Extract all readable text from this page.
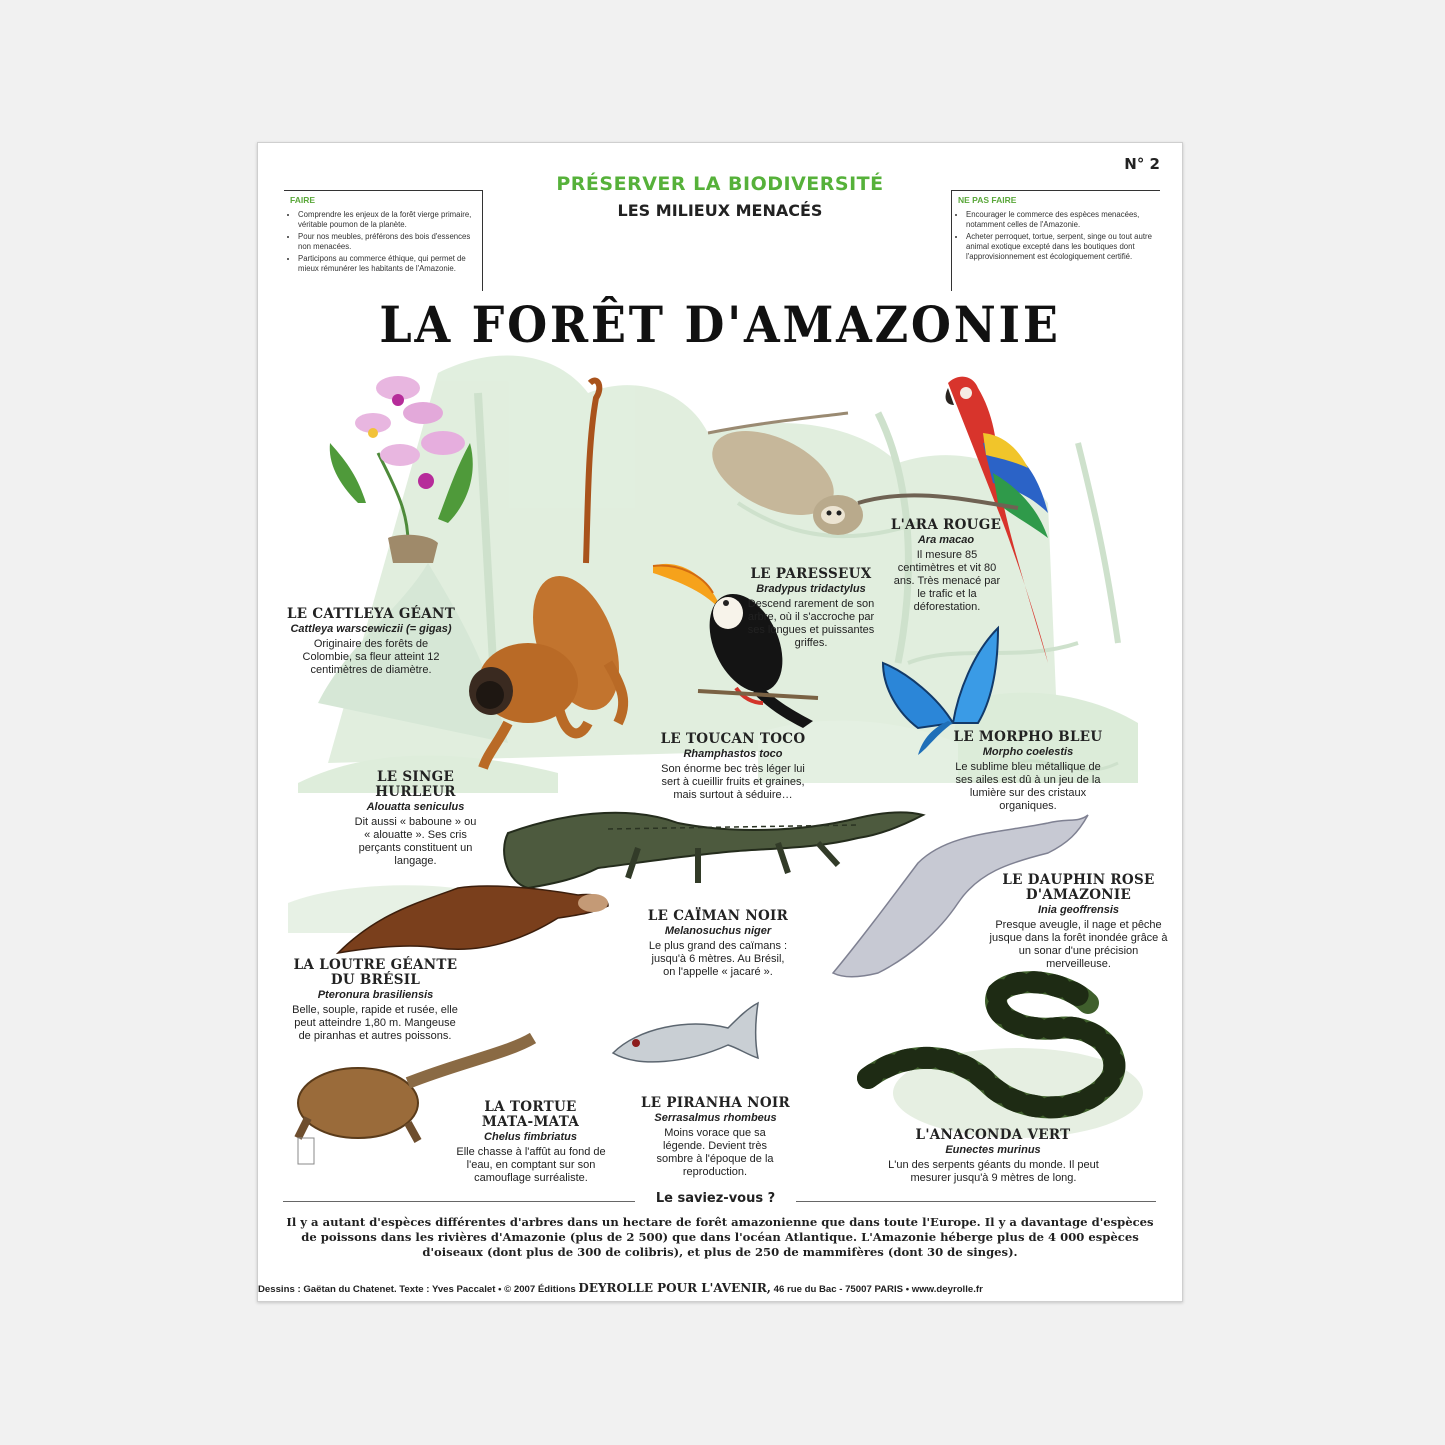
N° 2
PRÉSERVER LA BIODIVERSITÉ
LES MILIEUX MENACÉS
FAIRE
• Comprendre les enjeux de la forêt vierge primaire, véritable poumon de la planète.
• Pour nos meubles, préférons des bois d'essences non menacées.
• Participons au commerce éthique, qui permet de mieux rémunérer les habitants de l'Amazonie.
NE PAS FAIRE
• Encourager le commerce des espèces menacées, notamment celles de l'Amazonie.
• Acheter perroquet, tortue, serpent, singe ou tout autre animal exotique excepté dans les boutiques dont l'approvisionnement est écologiquement certifié.
LA FORÊT D'AMAZONIE
LE CATTLEYA GÉANT
Cattleya warscewiczii (= gigas)
Originaire des forêts de Colombie, sa fleur atteint 12 centimètres de diamètre.
LE PARESSEUX
Bradypus tridactylus
Descend rarement de son arbre, où il s'accroche par ses longues et puissantes griffes.
L'ARA ROUGE
Ara macao
Il mesure 85 centimètres et vit 80 ans. Très menacé par le trafic et la déforestation.
LE TOUCAN TOCO
Rhamphastos toco
Son énorme bec très léger lui sert à cueillir fruits et graines, mais surtout à séduire…
LE MORPHO BLEU
Morpho coelestis
Le sublime bleu métallique de ses ailes est dû à un jeu de la lumière sur des cristaux organiques.
LE SINGE
HURLEUR
Alouatta seniculus
Dit aussi « baboune » ou « alouatte ». Ses cris perçants constituent un langage.
LE CAÏMAN NOIR
Melanosuchus niger
Le plus grand des caïmans : jusqu'à 6 mètres. Au Brésil, on l'appelle « jacaré ».
LE DAUPHIN ROSE
D'AMAZONIE
Inia geoffrensis
Presque aveugle, il nage et pêche jusque dans la forêt inondée grâce à un sonar d'une précision merveilleuse.
LA LOUTRE GÉANTE
DU BRÉSIL
Pteronura brasiliensis
Belle, souple, rapide et rusée, elle peut atteindre 1,80 m. Mangeuse de piranhas et autres poissons.
LA TORTUE
MATA-MATA
Chelus fimbriatus
Elle chasse à l'affût au fond de l'eau, en comptant sur son camouflage surréaliste.
LE PIRANHA NOIR
Serrasalmus rhombeus
Moins vorace que sa légende. Devient très sombre à l'époque de la reproduction.
L'ANACONDA VERT
Eunectes murinus
L'un des serpents géants du monde. Il peut mesurer jusqu'à 9 mètres de long.
Le saviez-vous ?
Il y a autant d'espèces différentes d'arbres dans un hectare de forêt amazonienne que dans toute l'Europe. Il y a davantage d'espèces de poissons dans les rivières d'Amazonie (plus de 2 500) que dans l'océan Atlantique. L'Amazonie héberge plus de 4 000 espèces d'oiseaux (dont plus de 300 de colibris), et plus de 250 de mammifères (dont 30 de singes).
Dessins : Gaëtan du Chatenet. Texte : Yves Paccalet • © 2007 Éditions DEYROLLE POUR L'AVENIR, 46 rue du Bac - 75007 PARIS • www.deyrolle.fr
